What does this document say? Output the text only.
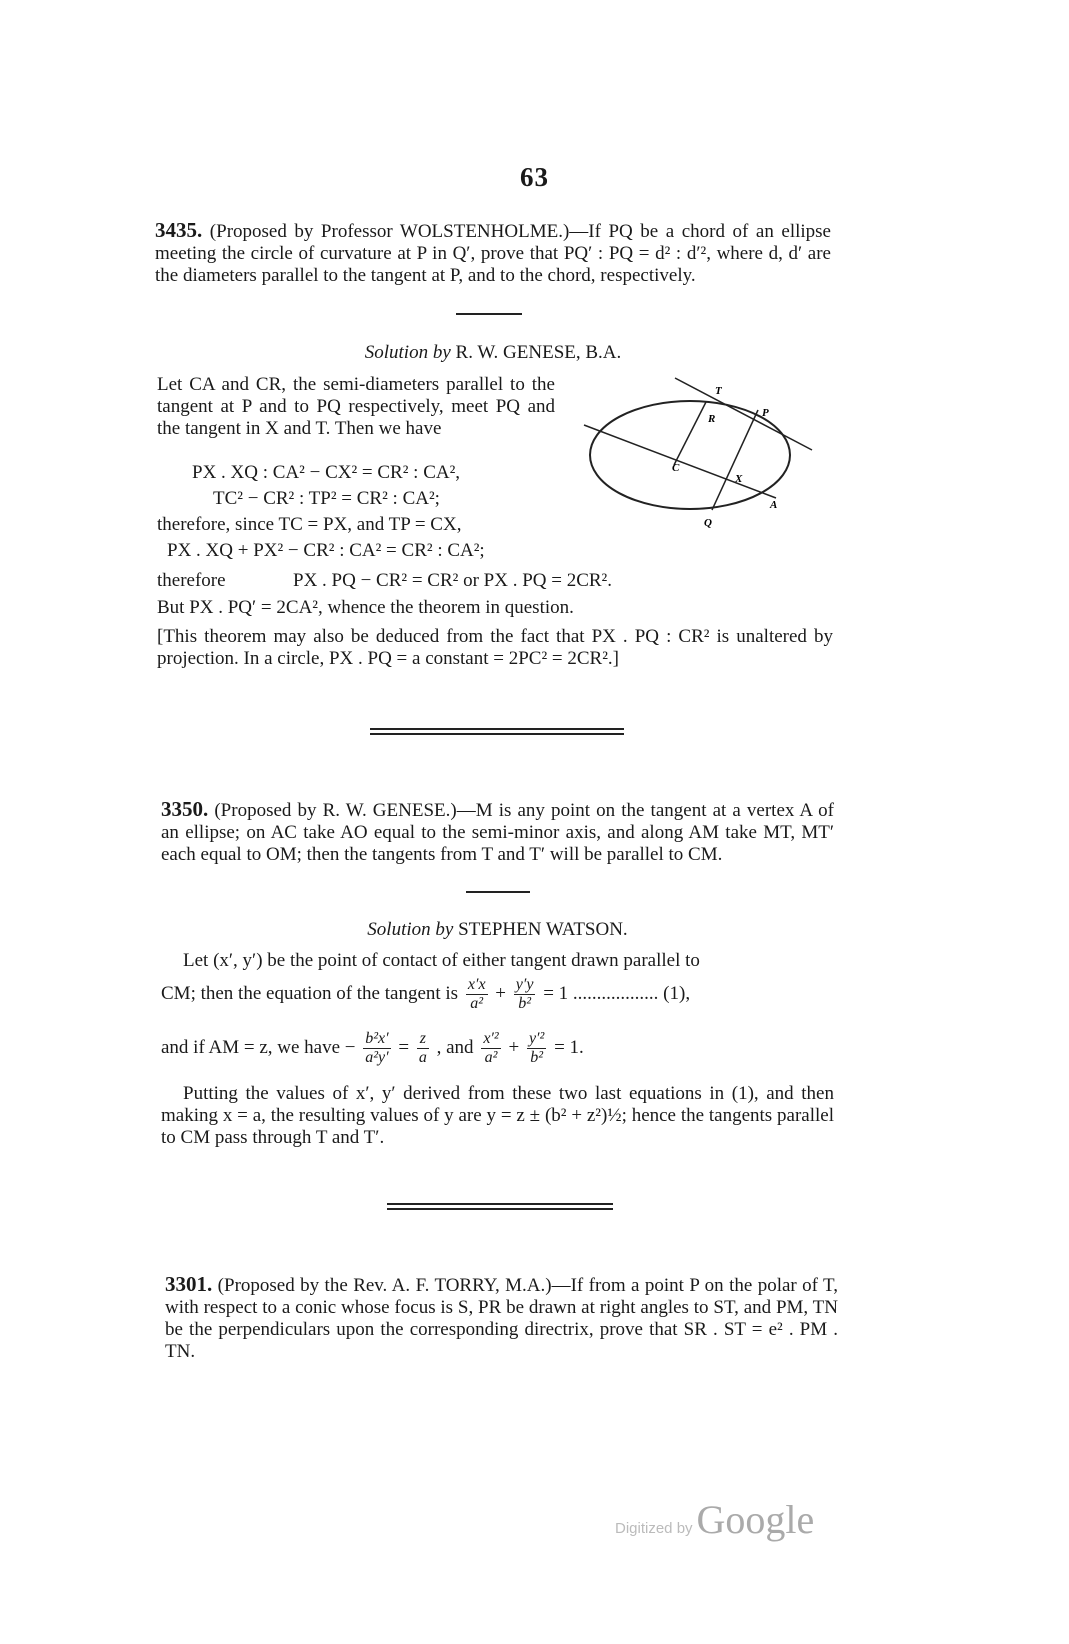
63
3435. (Proposed by Professor WOLSTENHOLME.)—If PQ be a chord of an ellipse meeting the circle of curvature at P in Q′, prove that PQ′ : PQ = d² : d′², where d, d′ are the diameters parallel to the tangent at P, and to the chord, respectively.
Solution by R. W. GENESE, B.A.
Let CA and CR, the semi-diameters parallel to the tangent at P and to PQ respectively, meet PQ and the tangent in X and T. Then we have
PX . XQ : CA² − CX² = CR² : CA²,
TC² − CR² : TP² = CR² : CA²;
therefore, since TC = PX, and TP = CX,
PX . XQ + PX² − CR² : CA² = CR² : CA²;
therefore	PX . PQ − CR² = CR² or PX . PQ = 2CR².
But PX . PQ′ = 2CA², whence the theorem in question.
[This theorem may also be deduced from the fact that PX . PQ : CR² is unaltered by projection. In a circle, PX . PQ = a constant = 2PC² = 2CR².]
T
R	P
C
X
A
Q
3350. (Proposed by R. W. GENESE.)—M is any point on the tangent at a vertex A of an ellipse; on AC take AO equal to the semi-minor axis, and along AM take MT, MT′ each equal to OM; then the tangents from T and T′ will be parallel to CM.
Solution by STEPHEN WATSON.
Let (x′, y′) be the point of contact of either tangent drawn parallel to
CM; then the equation of the tangent is $\frac{x'x}{\text{a²}} + \frac{y'y}{\text{b²}} = 1$ .................. (1),
and if AM = z, we have − $\frac{\text{b²x′}}{\text{a²y′}} = \frac{z}{a}$ , and $\frac{\text{x′²}}{\text{a²}} + \frac{\text{y′²}}{\text{b²}} = 1$.
Putting the values of x′, y′ derived from these two last equations in (1), and then making x = a, the resulting values of y are y = z ± (b² + z²)½; hence the tangents parallel to CM pass through T and T′.
3301. (Proposed by the Rev. A. F. TORRY, M.A.)—If from a point P on the polar of T, with respect to a conic whose focus is S, PR be drawn at right angles to ST, and PM, TN be the perpendiculars upon the corresponding directrix, prove that SR . ST = e² . PM . TN.
Digitized by Google
